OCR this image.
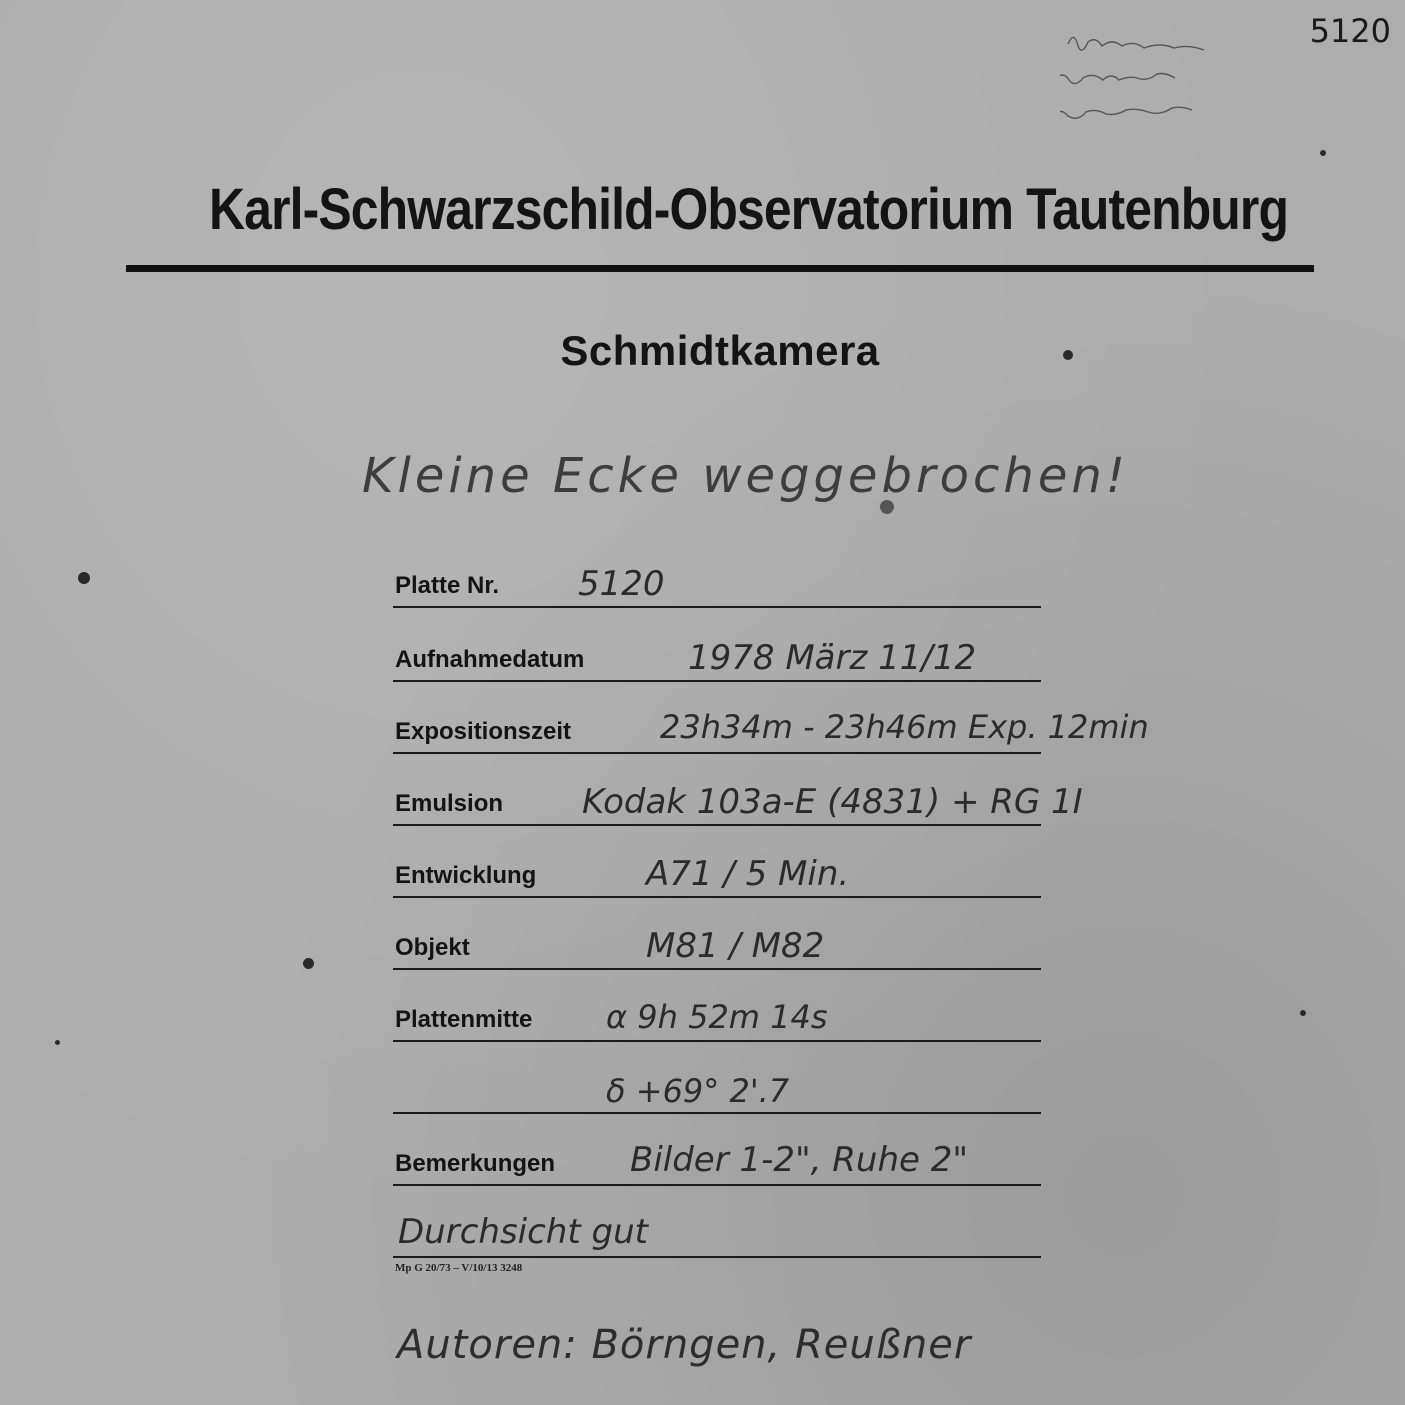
5120
Karl-Schwarzschild-Observatorium Tautenburg
Schmidtkamera
Kleine Ecke weggebrochen!
Platte Nr. 5120
Aufnahmedatum	1978 März 11/12
Expositionszeit	23h34m - 23h46m Exp. 12min
Emulsion Kodak 103a-E (4831) + RG 1I
Entwicklung	A71 / 5 Min.
Objekt	M81 / M82
Plattenmitte α 9h 52m 14s
δ +69° 2'.7
Bemerkungen Bilder 1-2", Ruhe 2"
Durchsicht gut
Mp G 20/73 – V/10/13 3248
Autoren: Börngen, Reußner
